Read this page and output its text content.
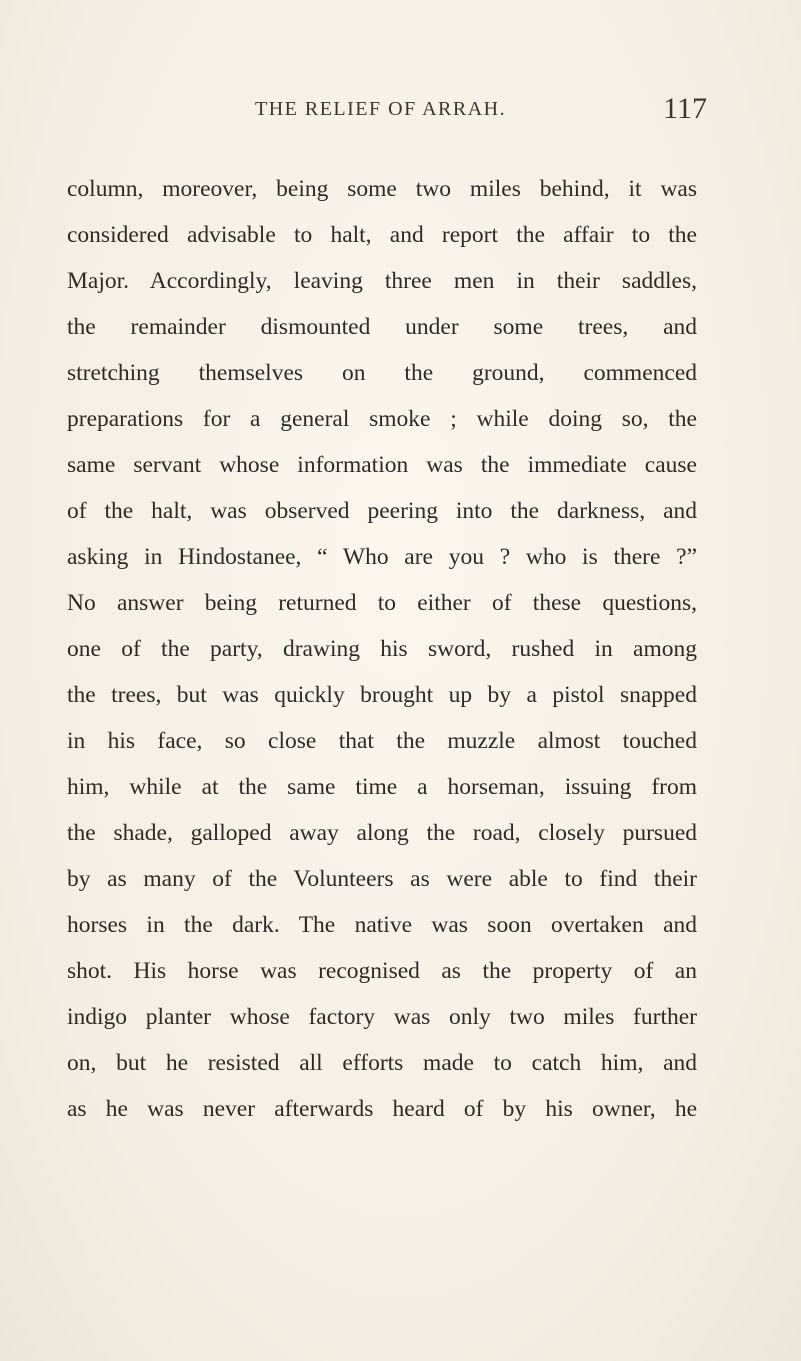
THE RELIEF OF ARRAH.	117
column, moreover, being some two miles behind, it was
considered advisable to halt, and report the affair to the
Major. Accordingly, leaving three men in their saddles,
the remainder dismounted under some trees, and
stretching themselves on the ground, commenced
preparations for a general smoke ; while doing so, the
same servant whose information was the immediate cause
of the halt, was observed peering into the darkness, and
asking in Hindostanee, “ Who are you ? who is there ?”
No answer being returned to either of these questions,
one of the party, drawing his sword, rushed in among
the trees, but was quickly brought up by a pistol snapped
in his face, so close that the muzzle almost touched
him, while at the same time a horseman, issuing from
the shade, galloped away along the road, closely pursued
by as many of the Volunteers as were able to find their
horses in the dark. The native was soon overtaken and
shot. His horse was recognised as the property of an
indigo planter whose factory was only two miles further
on, but he resisted all efforts made to catch him, and
as he was never afterwards heard of by his owner, he
